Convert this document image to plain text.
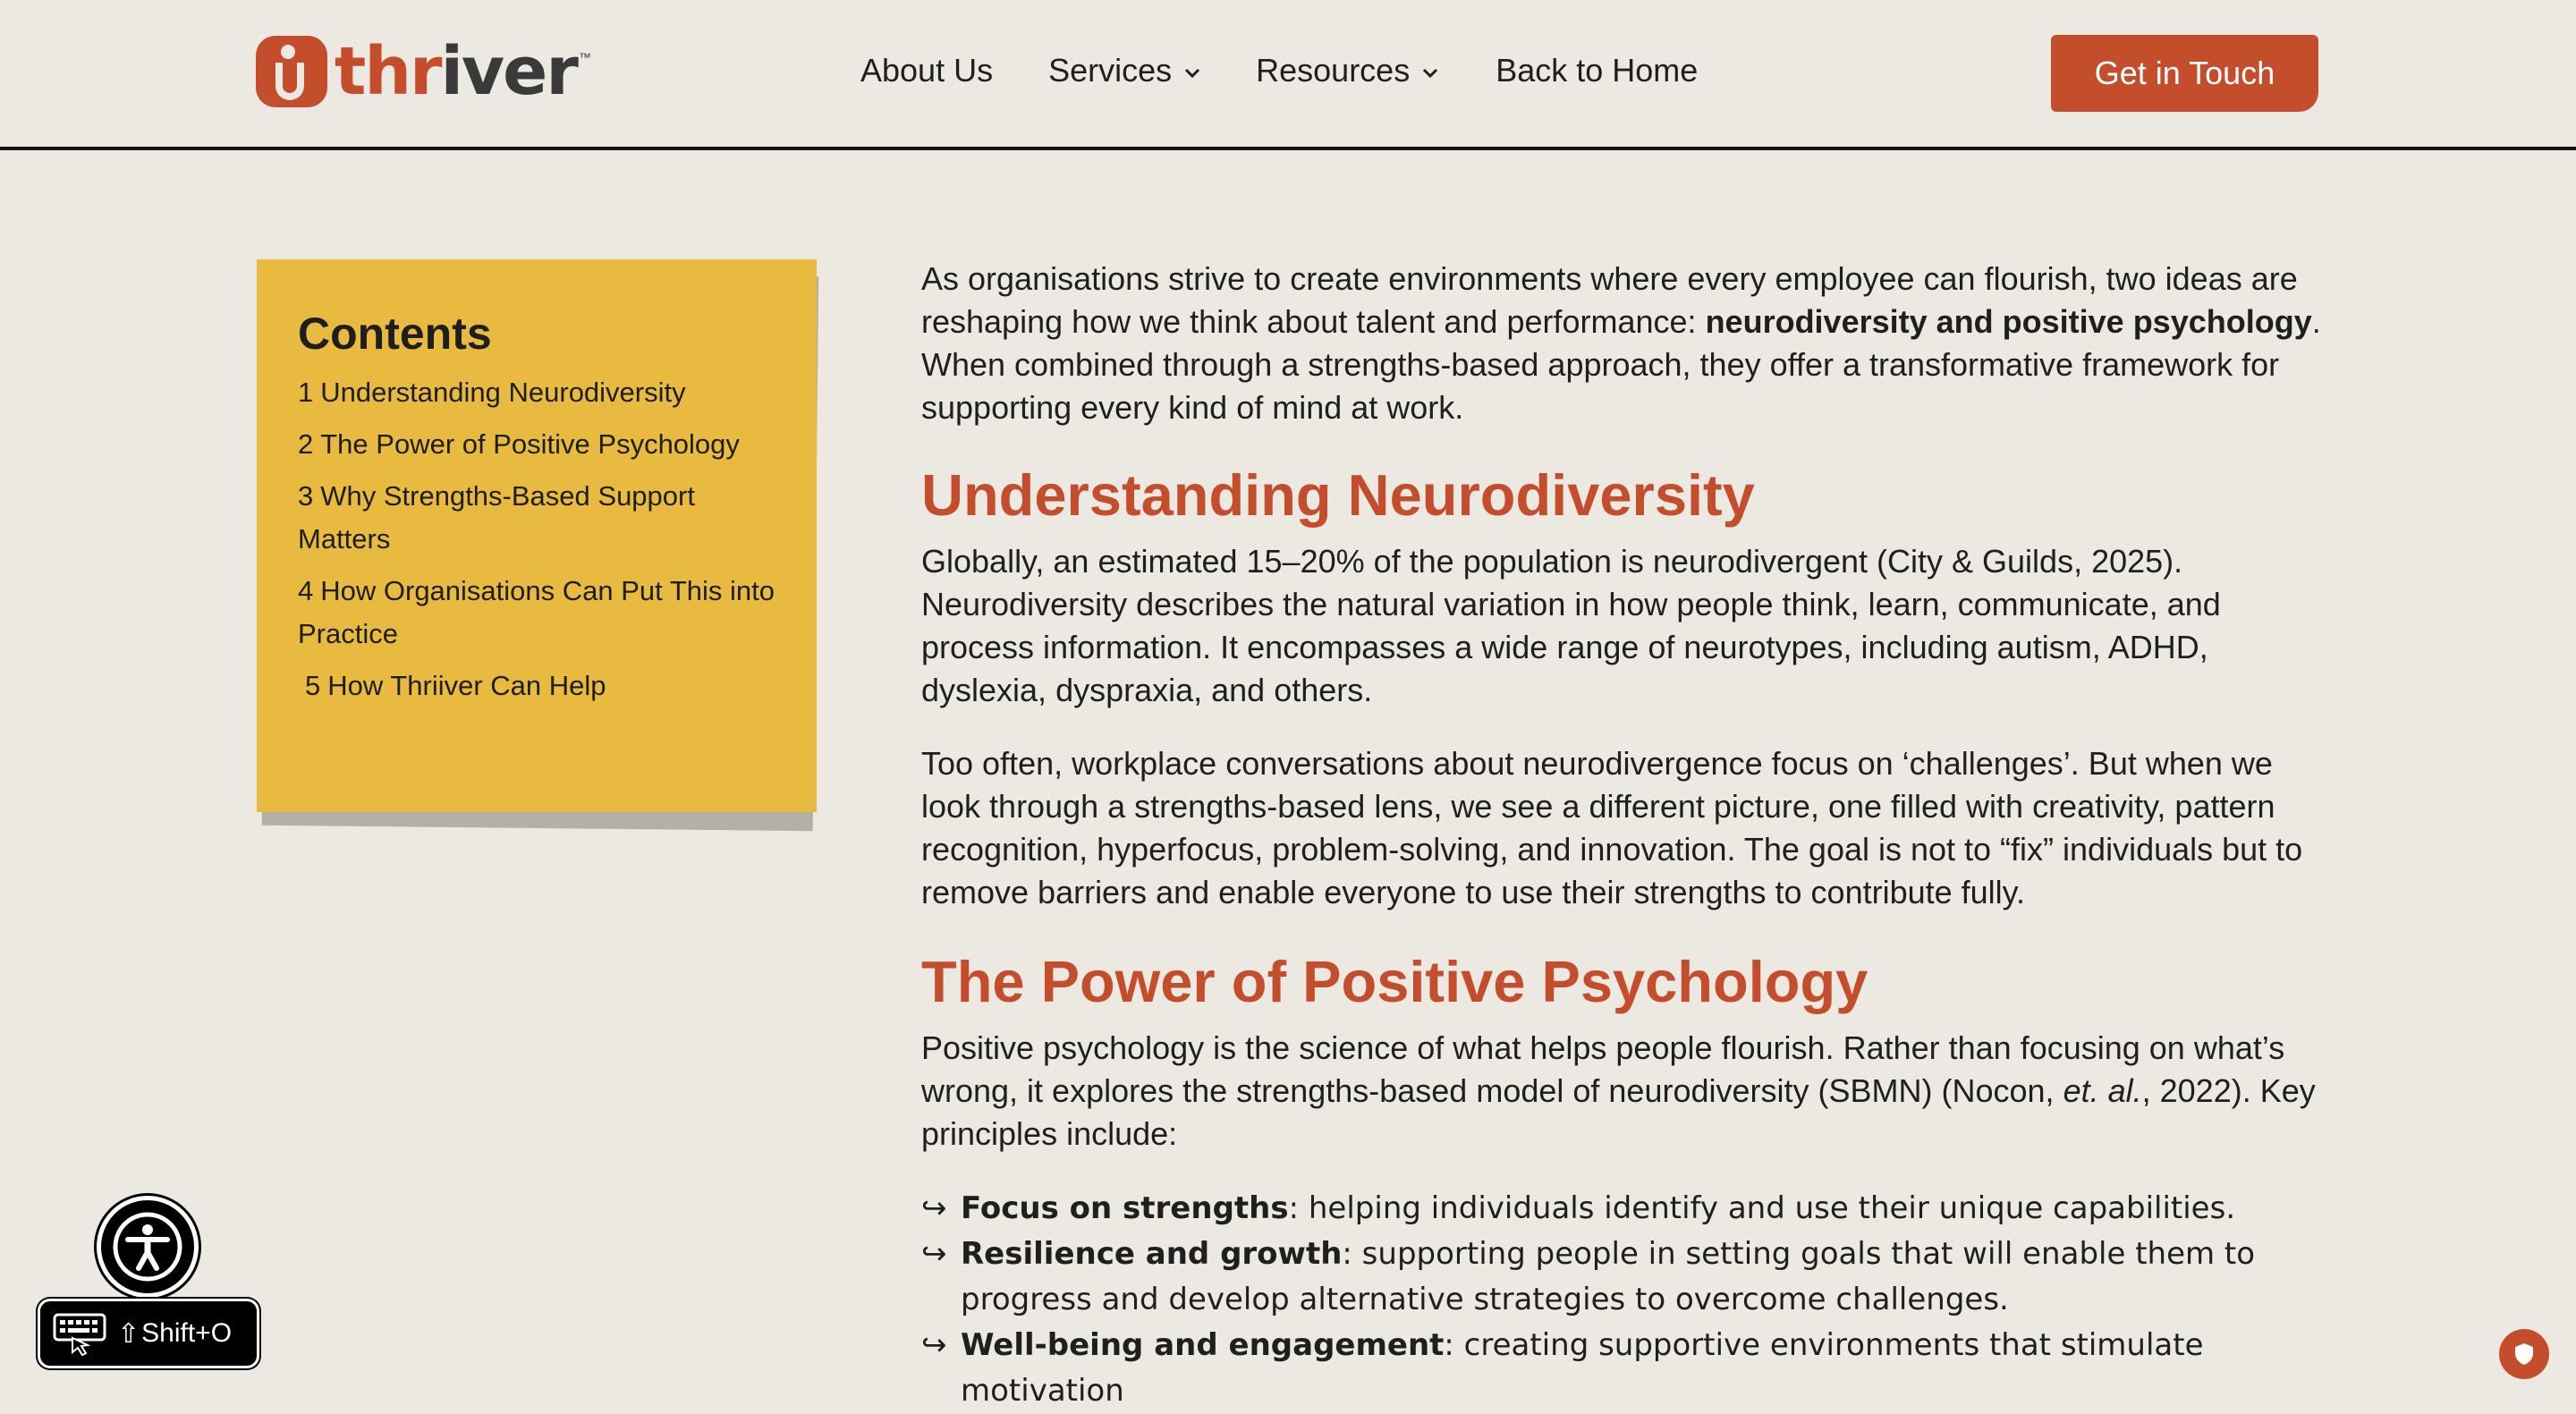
thriver ™	About Us Services	Resources	Back to Home	Get in Touch
Contents
1 Understanding Neurodiversity
2 The Power of Positive Psychology
3 Why Strengths-Based Support Matters
4 How Organisations Can Put This into Practice
5 How Thriiver Can Help

As organisations strive to create environments where every employee can flourish, two ideas are reshaping how we think about talent and performance: neurodiversity and positive psychology. When combined through a strengths-based approach, they offer a transformative framework for supporting every kind of mind at work.

Understanding Neurodiversity

Globally, an estimated 15–20% of the population is neurodivergent (City & Guilds, 2025). Neurodiversity describes the natural variation in how people think, learn, communicate, and process information. It encompasses a wide range of neurotypes, including autism, ADHD, dyslexia, dyspraxia, and others.

Too often, workplace conversations about neurodivergence focus on ‘challenges’. But when we look through a strengths-based lens, we see a different picture, one filled with creativity, pattern recognition, hyperfocus, problem-solving, and innovation. The goal is not to “fix” individuals but to remove barriers and enable everyone to use their strengths to contribute fully.

The Power of Positive Psychology

Positive psychology is the science of what helps people flourish. Rather than focusing on what’s wrong, it explores the strengths-based model of neurodiversity (SBMN) (Nocon, et. al., 2022). Key principles include:

↪ Focus on strengths: helping individuals identify and use their unique capabilities.
↪ Resilience and growth: supporting people in setting goals that will enable them to progress and develop alternative strategies to overcome challenges.
↪ Well-being and engagement: creating supportive environments that stimulate motivation
⇧ Shift+O
